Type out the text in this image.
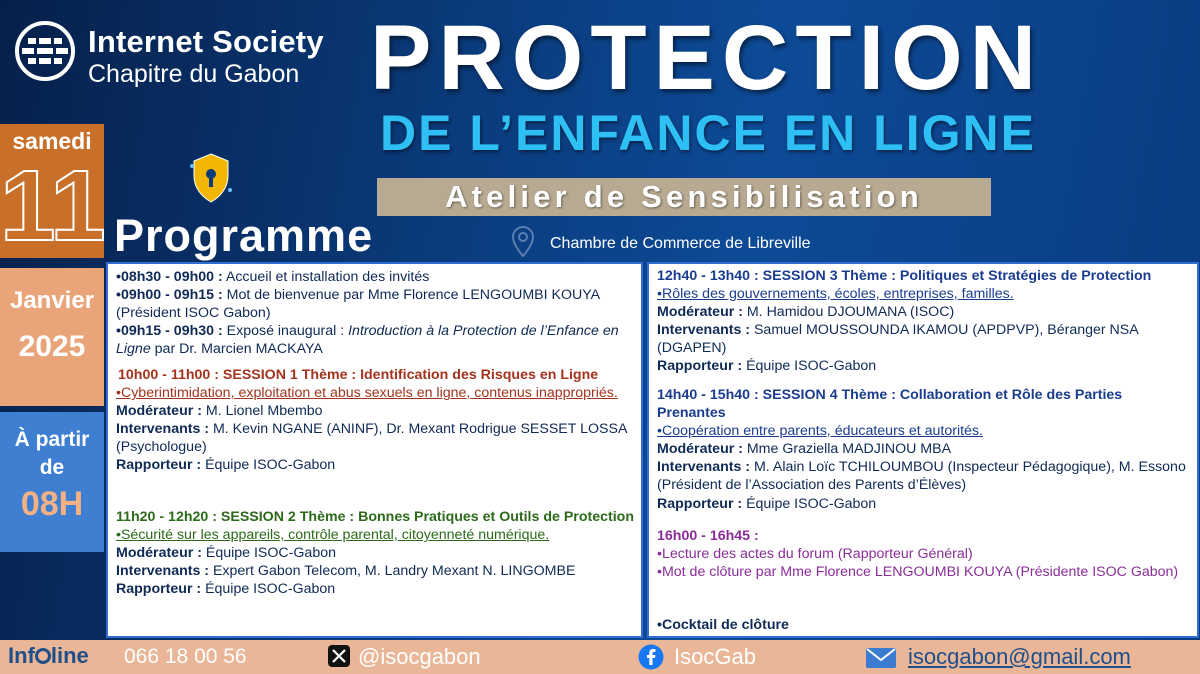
Internet Society
Chapitre du Gabon PROTECTION
DE L’ENFANCE EN LIGNE
Atelier de Sensibilisation
Programme	Chambre de Commerce de Libreville
samedi
11
Janvier
2025
À partir
de
08H
•08h30 - 09h00 : Accueil et installation des invités
•09h00 - 09h15 : Mot de bienvenue par Mme Florence LENGOUMBI KOUYA (Président ISOC Gabon)
•09h15 - 09h30 : Exposé inaugural : Introduction à la Protection de l’Enfance en Ligne par Dr. Marcien MACKAYA
10h00 - 11h00 : SESSION 1 Thème : Identification des Risques en Ligne
•Cyberintimidation, exploitation et abus sexuels en ligne, contenus inappropriés.
Modérateur : M. Lionel Mbembo
Intervenants : M. Kevin NGANE (ANINF), Dr. Mexant Rodrigue SESSET LOSSA (Psychologue)
Rapporteur : Équipe ISOC-Gabon
11h20 - 12h20 : SESSION 2 Thème : Bonnes Pratiques et Outils de Protection
•Sécurité sur les appareils, contrôle parental, citoyenneté numérique.
Modérateur : Équipe ISOC-Gabon
Intervenants : Expert Gabon Telecom, M. Landry Mexant N. LINGOMBE
Rapporteur : Équipe ISOC-Gabon
12h40 - 13h40 : SESSION 3 Thème : Politiques et Stratégies de Protection
•Rôles des gouvernements, écoles, entreprises, familles.
Modérateur : M. Hamidou DJOUMANA (ISOC)
Intervenants : Samuel MOUSSOUNDA IKAMOU (APDPVP), Béranger NSA (DGAPEN)
Rapporteur : Équipe ISOC-Gabon
14h40 - 15h40 : SESSION 4 Thème : Collaboration et Rôle des Parties Prenantes
•Coopération entre parents, éducateurs et autorités.
Modérateur : Mme Graziella MADJINOU MBA
Intervenants : M. Alain Loïc TCHILOUMBOU (Inspecteur Pédagogique), M. Essono (Président de l’Association des Parents d’Élèves)
Rapporteur : Équipe ISOC-Gabon
16h00 - 16h45 :
•Lecture des actes du forum (Rapporteur Général)
•Mot de clôture par Mme Florence LENGOUMBI KOUYA (Présidente ISOC Gabon)
•Cocktail de clôture
Inf line 066 18 00 56	@isocgabon	IsocGab	isocgabon@gmail.com
